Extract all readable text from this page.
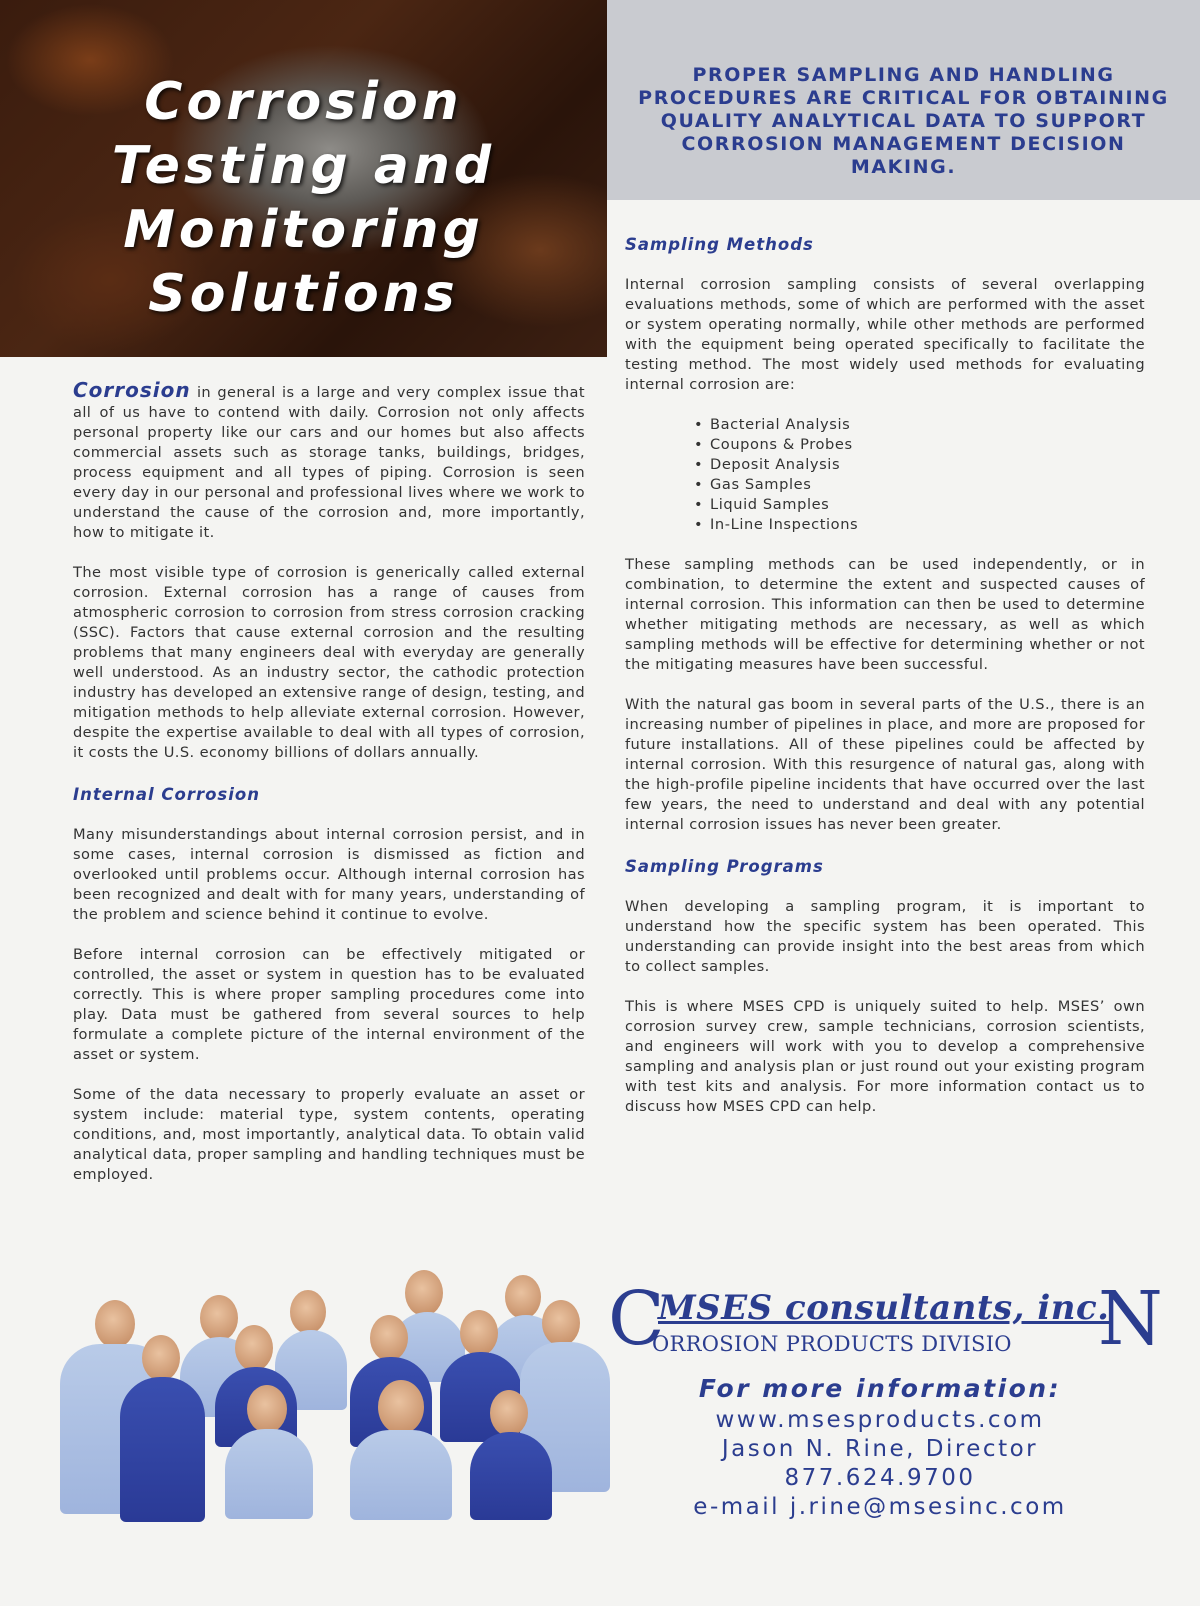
Corrosion
Testing and
Monitoring
Solutions

PROPER SAMPLING AND HANDLING PROCEDURES ARE CRITICAL FOR OBTAINING QUALITY ANALYTICAL DATA TO SUPPORT CORROSION MANAGEMENT DECISION MAKING.

Corrosion in general is a large and very complex issue that all of us have to contend with daily. Corrosion not only affects personal property like our cars and our homes but also affects commercial assets such as storage tanks, buildings, bridges, process equipment and all types of piping. Corrosion is seen every day in our personal and professional lives where we work to understand the cause of the corrosion and, more importantly, how to mitigate it.

The most visible type of corrosion is generically called external corrosion. External corrosion has a range of causes from atmospheric corrosion to corrosion from stress corrosion cracking (SSC). Factors that cause external corrosion and the resulting problems that many engineers deal with everyday are generally well understood. As an industry sector, the cathodic protection industry has developed an extensive range of design, testing, and mitigation methods to help alleviate external corrosion. However, despite the expertise available to deal with all types of corrosion, it costs the U.S. economy billions of dollars annually.

Internal Corrosion

Many misunderstandings about internal corrosion persist, and in some cases, internal corrosion is dismissed as fiction and overlooked until problems occur. Although internal corrosion has been recognized and dealt with for many years, understanding of the problem and science behind it continue to evolve.

Before internal corrosion can be effectively mitigated or controlled, the asset or system in question has to be evaluated correctly. This is where proper sampling procedures come into play. Data must be gathered from several sources to help formulate a complete picture of the internal environment of the asset or system.

Some of the data necessary to properly evaluate an asset or system include: material type, system contents, operating conditions, and, most importantly, analytical data. To obtain valid analytical data, proper sampling and handling techniques must be employed.

Sampling Methods

Internal corrosion sampling consists of several overlapping evaluations methods, some of which are performed with the asset or system operating normally, while other methods are performed with the equipment being operated specifically to facilitate the testing method. The most widely used methods for evaluating internal corrosion are:

• Bacterial Analysis
• Coupons & Probes
• Deposit Analysis
• Gas Samples
• Liquid Samples
• In-Line Inspections

These sampling methods can be used independently, or in combination, to determine the extent and suspected causes of internal corrosion. This information can then be used to determine whether mitigating methods are necessary, as well as which sampling methods will be effective for determining whether or not the mitigating measures have been successful.

With the natural gas boom in several parts of the U.S., there is an increasing number of pipelines in place, and more are proposed for future installations. All of these pipelines could be affected by internal corrosion. With this resurgence of natural gas, along with the high-profile pipeline incidents that have occurred over the last few years, the need to understand and deal with any potential internal corrosion issues has never been greater.

Sampling Programs

When developing a sampling program, it is important to understand how the specific system has been operated. This understanding can provide insight into the best areas from which to collect samples.

This is where MSES CPD is uniquely suited to help. MSES’ own corrosion survey crew, sample technicians, corrosion scientists, and engineers will work with you to develop a comprehensive sampling and analysis plan or just round out your existing program with test kits and analysis. For more information contact us to discuss how MSES CPD can help.

C
MSES consultants, inc.
ORROSION PRODUCTS DIVISIO N
For more information:
www.msesproducts.com
Jason N. Rine, Director
877.624.9700
e-mail j.rine@msesinc.com
